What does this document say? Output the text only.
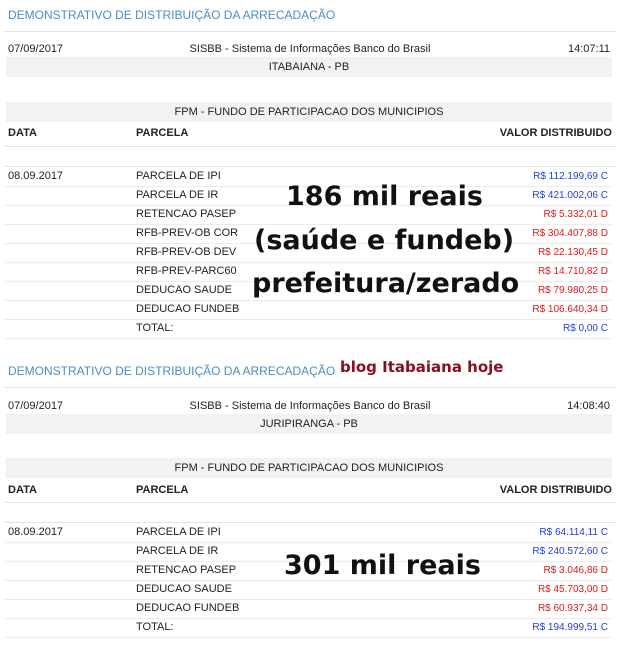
DEMONSTRATIVO DE DISTRIBUIÇÃO DA ARRECADAÇÃO
07/09/2017	SISBB - Sistema de Informações Banco do Brasil	14:07:11
ITABAIANA - PB
FPM - FUNDO DE PARTICIPACAO DOS MUNICIPIOS
DATA	PARCELA	VALOR DISTRIBUIDO
08.09.2017	PARCELA DE IPI	R$ 112.199,69 C
PARCELA DE IR	R$ 421.002,06 C
RETENCAO PASEP	R$ 5.332,01 D
RFB-PREV-OB COR	R$ 304.407,88 D
RFB-PREV-OB DEV	R$ 22.130,45 D
RFB-PREV-PARC60	R$ 14.710,82 D
DEDUCAO SAUDE	R$ 79.980,25 D
DEDUCAO FUNDEB	R$ 106.640,34 D
TOTAL:	R$ 0,00 C
186 mil reais
(saúde e fundeb)
prefeitura/zerado
DEMONSTRATIVO DE DISTRIBUIÇÃO DA ARRECADAÇÃO
07/09/2017	SISBB - Sistema de Informações Banco do Brasil	14:08:40
JURIPIRANGA - PB
FPM - FUNDO DE PARTICIPACAO DOS MUNICIPIOS
DATA	PARCELA	VALOR DISTRIBUIDO
08.09.2017	PARCELA DE IPI	R$ 64.114,11 C
PARCELA DE IR	R$ 240.572,60 C
RETENCAO PASEP	R$ 3.046,86 D
DEDUCAO SAUDE	R$ 45.703,00 D
DEDUCAO FUNDEB	R$ 60.937,34 D
TOTAL:	R$ 194.999,51 C
blog Itabaiana hoje
301 mil reais
